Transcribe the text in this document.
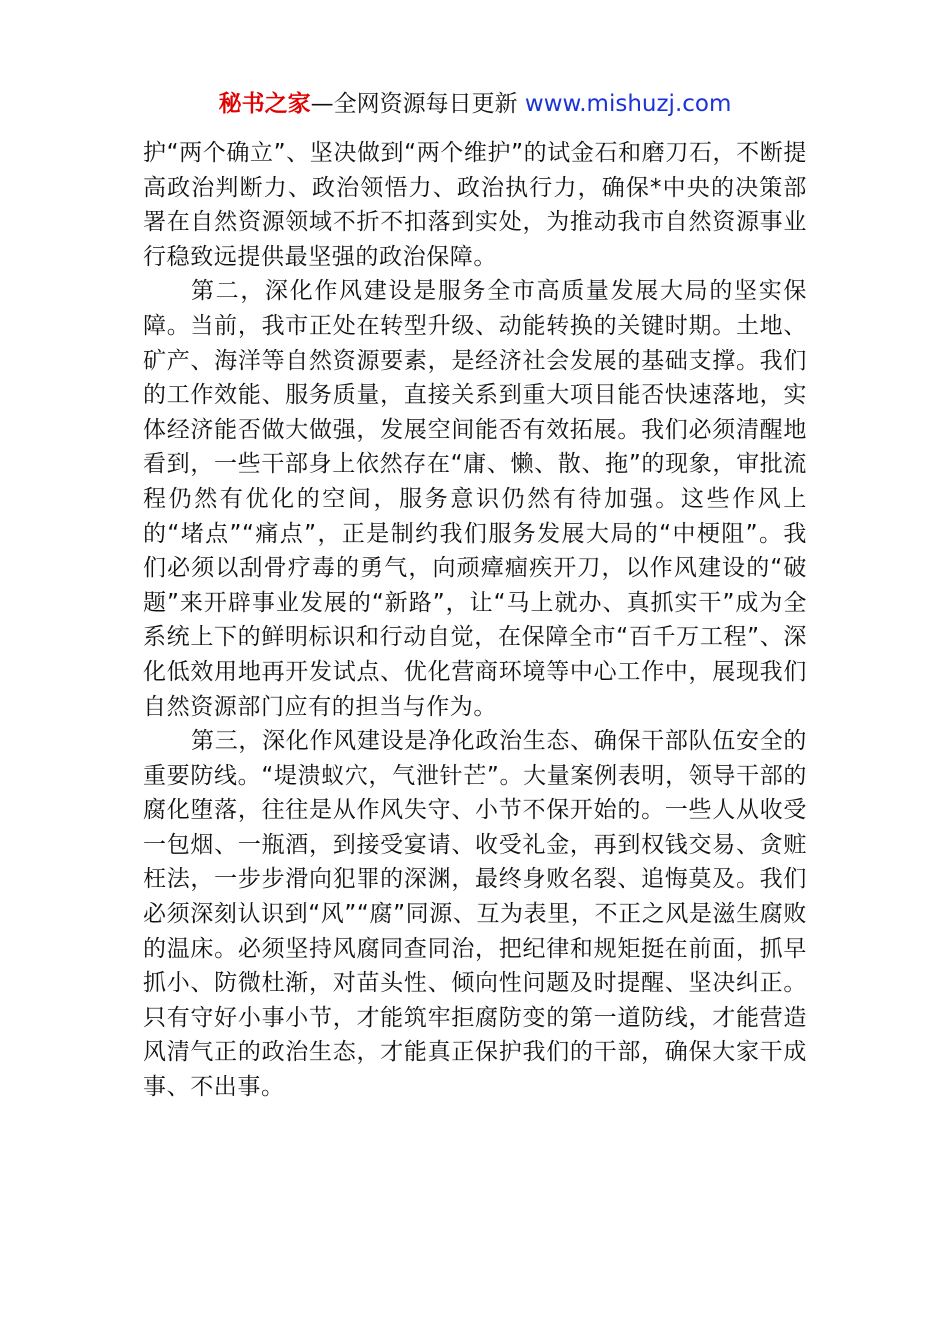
秘书之家—全网资源每日更新 www.mishuzj.com

护“两个确立”、坚决做到“两个维护”的试金石和磨刀石，不断提高政治判断力、政治领悟力、政治执行力，确保*中央的决策部署在自然资源领域不折不扣落到实处，为推动我市自然资源事业行稳致远提供最坚强的政治保障。

第二，深化作风建设是服务全市高质量发展大局的坚实保障。当前，我市正处在转型升级、动能转换的关键时期。土地、矿产、海洋等自然资源要素，是经济社会发展的基础支撑。我们的工作效能、服务质量，直接关系到重大项目能否快速落地，实体经济能否做大做强，发展空间能否有效拓展。我们必须清醒地看到，一些干部身上依然存在“庸、懒、散、拖”的现象，审批流程仍然有优化的空间，服务意识仍然有待加强。这些作风上的“堵点”“痛点”，正是制约我们服务发展大局的“中梗阻”。我们必须以刮骨疗毒的勇气，向顽瘴痼疾开刀，以作风建设的“破题”来开辟事业发展的“新路”，让“马上就办、真抓实干”成为全系统上下的鲜明标识和行动自觉，在保障全市“百千万工程”、深化低效用地再开发试点、优化营商环境等中心工作中，展现我们自然资源部门应有的担当与作为。

第三，深化作风建设是净化政治生态、确保干部队伍安全的重要防线。“堤溃蚁穴，气泄针芒”。大量案例表明，领导干部的腐化堕落，往往是从作风失守、小节不保开始的。一些人从收受一包烟、一瓶酒，到接受宴请、收受礼金，再到权钱交易、贪赃枉法，一步步滑向犯罪的深渊，最终身败名裂、追悔莫及。我们必须深刻认识到“风”“腐”同源、互为表里，不正之风是滋生腐败的温床。必须坚持风腐同查同治，把纪律和规矩挺在前面，抓早抓小、防微杜渐，对苗头性、倾向性问题及时提醒、坚决纠正。只有守好小事小节，才能筑牢拒腐防变的第一道防线，才能营造风清气正的政治生态，才能真正保护我们的干部，确保大家干成事、不出事。
